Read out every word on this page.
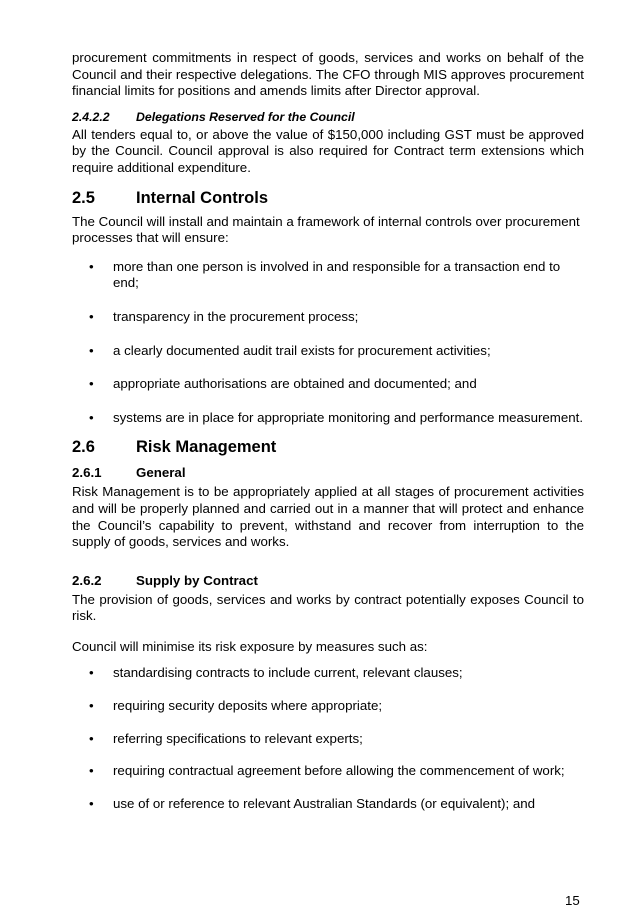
procurement commitments in respect of goods, services and works on behalf of the Council and their respective delegations. The CFO through MIS approves procurement financial limits for positions and amends limits after Director approval.

2.4.2.2 Delegations Reserved for the Council

All tenders equal to, or above the value of $150,000 including GST must be approved by the Council. Council approval is also required for Contract term extensions which require additional expenditure.

2.5 Internal Controls

The Council will install and maintain a framework of internal controls over procurement processes that will ensure:

• more than one person is involved in and responsible for a transaction end to end;
• transparency in the procurement process;
• a clearly documented audit trail exists for procurement activities;
• appropriate authorisations are obtained and documented; and
• systems are in place for appropriate monitoring and performance measurement.
2.6 Risk Management
2.6.1	General

Risk Management is to be appropriately applied at all stages of procurement activities and will be properly planned and carried out in a manner that will protect and enhance the Council’s capability to prevent, withstand and recover from interruption to the supply of goods, services and works.

2.6.2	Supply by Contract

The provision of goods, services and works by contract potentially exposes Council to risk.

Council will minimise its risk exposure by measures such as:

• standardising contracts to include current, relevant clauses;
• requiring security deposits where appropriate;
• referring specifications to relevant experts;
• requiring contractual agreement before allowing the commencement of work;
• use of or reference to relevant Australian Standards (or equivalent); and
15
